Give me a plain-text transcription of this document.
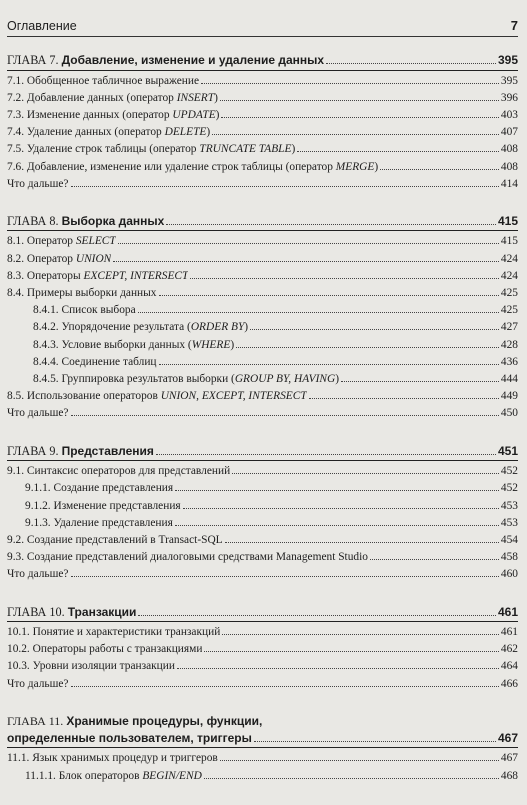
Оглавление	7
ГЛАВА 7. Добавление, изменение и удаление данных	395
7.1. Обобщенное табличное выражение	395
7.2. Добавление данных (оператор INSERT)	396
7.3. Изменение данных (оператор UPDATE)	403
7.4. Удаление данных (оператор DELETE)	407
7.5. Удаление строк таблицы (оператор TRUNCATE TABLE)	408
7.6. Добавление, изменение или удаление строк таблицы (оператор MERGE)	408
Что дальше?	414
ГЛАВА 8. Выборка данных	415
8.1. Оператор SELECT	415
8.2. Оператор UNION	424
8.3. Операторы EXCEPT, INTERSECT	424
8.4. Примеры выборки данных	425
8.4.1. Список выбора	425
8.4.2. Упорядочение результата (ORDER BY)	427
8.4.3. Условие выборки данных (WHERE)	428
8.4.4. Соединение таблиц	436
8.4.5. Группировка результатов выборки (GROUP BY, HAVING)	444
8.5. Использование операторов UNION, EXCEPT, INTERSECT	449
Что дальше?	450
ГЛАВА 9. Представления	451
9.1. Синтаксис операторов для представлений	452
9.1.1. Создание представления	452
9.1.2. Изменение представления	453
9.1.3. Удаление представления	453
9.2. Создание представлений в Transact-SQL	454
9.3. Создание представлений диалоговыми средствами Management Studio	458
Что дальше?	460
ГЛАВА 10. Транзакции	461
10.1. Понятие и характеристики транзакций	461
10.2. Операторы работы с транзакциями	462
10.3. Уровни изоляции транзакции	464
Что дальше?	466
ГЛАВА 11. Хранимые процедуры, функции,
определенные пользователем, триггеры	467
11.1. Язык хранимых процедур и триггеров	467
11.1.1. Блок операторов BEGIN/END	468
